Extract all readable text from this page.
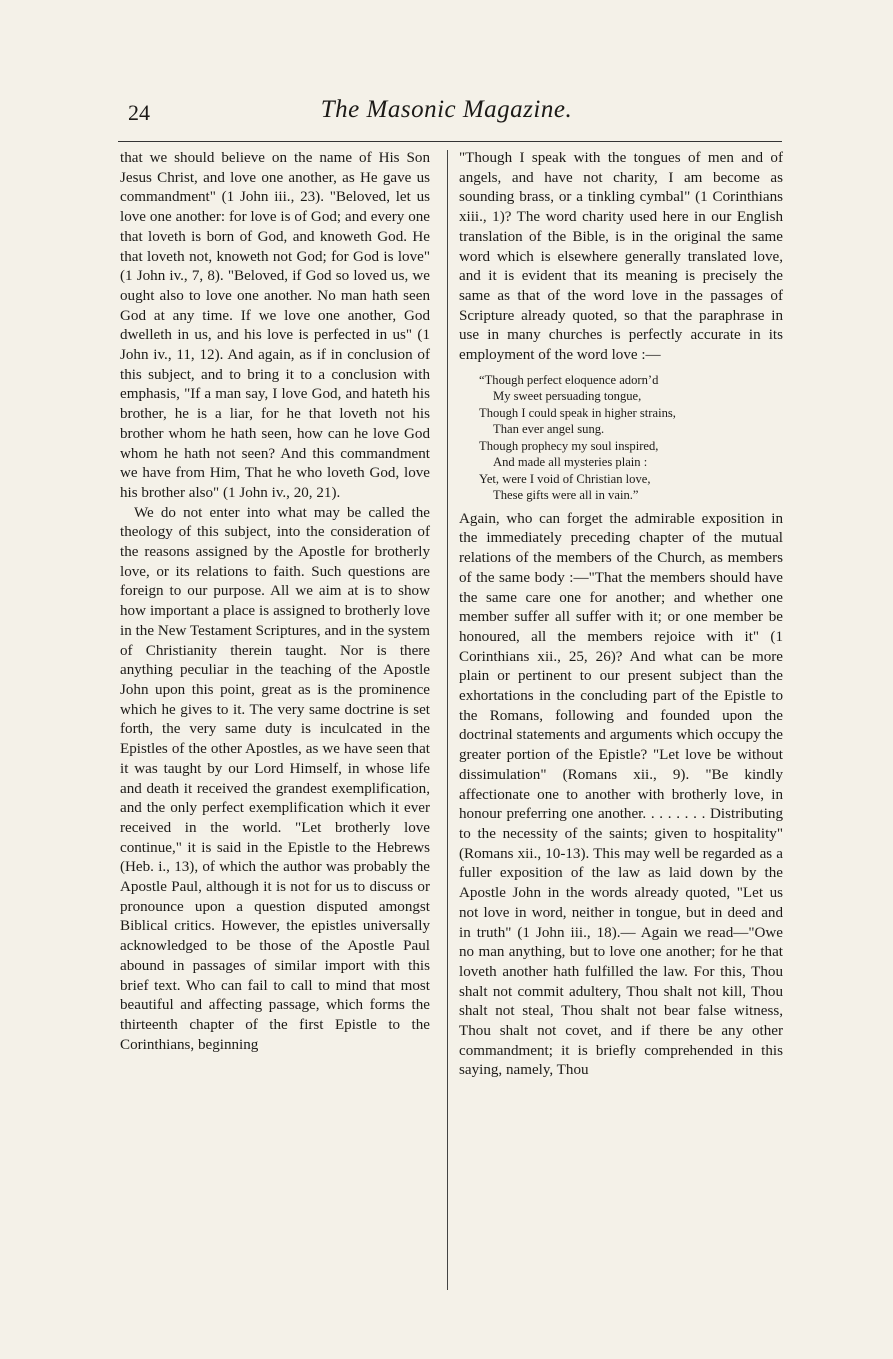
24	The Masonic Magazine.

that we should believe on the name of His Son Jesus Christ, and love one another, as He gave us commandment" (1 John iii., 23). "Beloved, let us love one another: for love is of God; and every one that loveth is born of God, and knoweth God. He that loveth not, knoweth not God; for God is love" (1 John iv., 7, 8). "Beloved, if God so loved us, we ought also to love one another. No man hath seen God at any time. If we love one another, God dwelleth in us, and his love is perfected in us" (1 John iv., 11, 12). And again, as if in conclusion of this subject, and to bring it to a conclusion with emphasis, "If a man say, I love God, and hateth his brother, he is a liar, for he that loveth not his brother whom he hath seen, how can he love God whom he hath not seen? And this commandment we have from Him, That he who loveth God, love his brother also" (1 John iv., 20, 21).

We do not enter into what may be called the theology of this subject, into the consideration of the reasons assigned by the Apostle for brotherly love, or its relations to faith. Such questions are foreign to our purpose. All we aim at is to show how important a place is assigned to brotherly love in the New Testament Scriptures, and in the system of Christianity therein taught. Nor is there anything peculiar in the teaching of the Apostle John upon this point, great as is the prominence which he gives to it. The very same doctrine is set forth, the very same duty is inculcated in the Epistles of the other Apostles, as we have seen that it was taught by our Lord Himself, in whose life and death it received the grandest exemplification, and the only perfect exemplification which it ever received in the world. "Let brotherly love continue," it is said in the Epistle to the Hebrews (Heb. i., 13), of which the author was probably the Apostle Paul, although it is not for us to discuss or pronounce upon a question disputed amongst Biblical critics. However, the epistles universally acknowledged to be those of the Apostle Paul abound in passages of similar import with this brief text. Who can fail to call to mind that most beautiful and affecting passage, which forms the thirteenth chapter of the first Epistle to the Corinthians, beginning

"Though I speak with the tongues of men and of angels, and have not charity, I am become as sounding brass, or a tinkling cymbal" (1 Corinthians xiii., 1)? The word charity used here in our English translation of the Bible, is in the original the same word which is elsewhere generally translated love, and it is evident that its meaning is precisely the same as that of the word love in the passages of Scripture already quoted, so that the paraphrase in use in many churches is perfectly accurate in its employment of the word love :—

“Though perfect eloquence adorn’d
My sweet persuading tongue,
Though I could speak in higher strains,
Than ever angel sung.
Though prophecy my soul inspired,
And made all mysteries plain :
Yet, were I void of Christian love,
These gifts were all in vain.”

Again, who can forget the admirable exposition in the immediately preceding chapter of the mutual relations of the members of the Church, as members of the same body :—"That the members should have the same care one for another; and whether one member suffer all suffer with it; or one member be honoured, all the members rejoice with it" (1 Corinthians xii., 25, 26)? And what can be more plain or pertinent to our present subject than the exhortations in the concluding part of the Epistle to the Romans, following and founded upon the doctrinal statements and arguments which occupy the greater portion of the Epistle? "Let love be without dissimulation" (Romans xii., 9). "Be kindly affectionate one to another with brotherly love, in honour preferring one another. . . . . . . . Distributing to the necessity of the saints; given to hospitality" (Romans xii., 10-13). This may well be regarded as a fuller exposition of the law as laid down by the Apostle John in the words already quoted, "Let us not love in word, neither in tongue, but in deed and in truth" (1 John iii., 18).— Again we read—"Owe no man anything, but to love one another; for he that loveth another hath fulfilled the law. For this, Thou shalt not commit adultery, Thou shalt not kill, Thou shalt not steal, Thou shalt not bear false witness, Thou shalt not covet, and if there be any other commandment; it is briefly comprehended in this saying, namely, Thou
